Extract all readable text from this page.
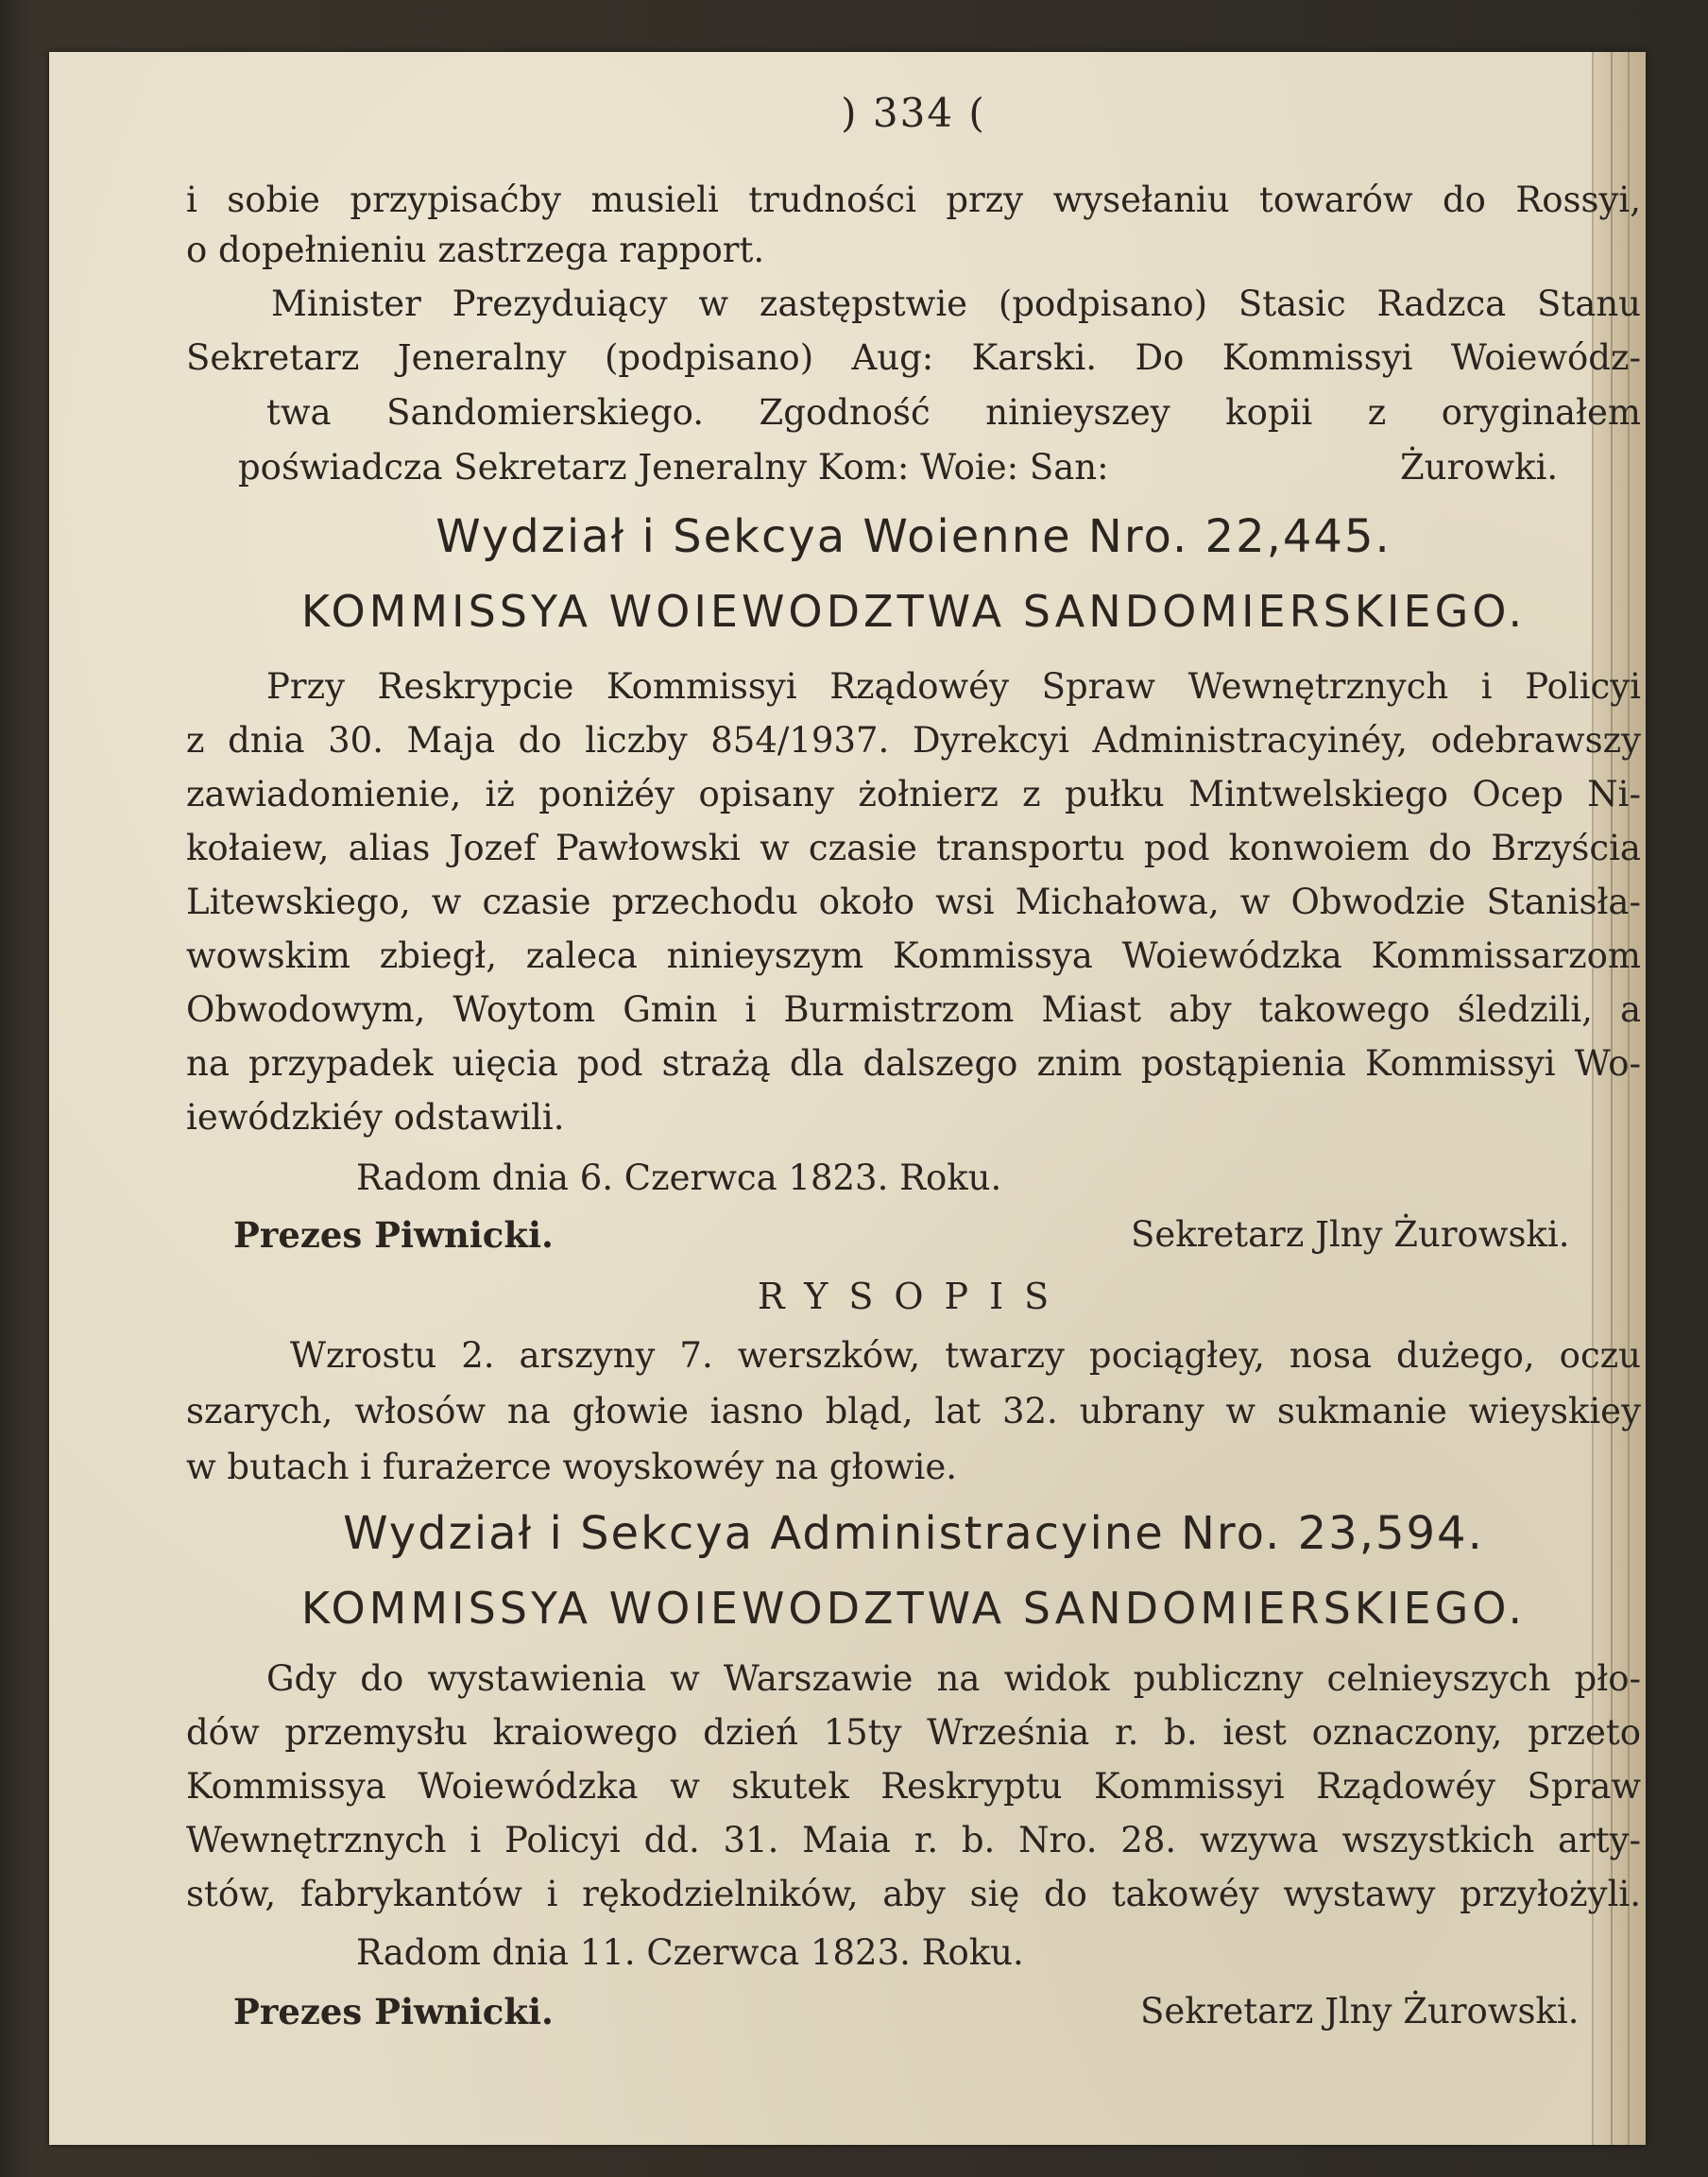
) 334 (
i sobie przypisaćby musieli trudności przy wysełaniu towarów do Rossyi,
o dopełnieniu zastrzega rapport.
Minister Prezyduiący w zastępstwie (podpisano) Stasic Radzca Stanu
Sekretarz Jeneralny (podpisano) Aug: Karski. Do Kommissyi Woiewódz-
twa Sandomierskiego. Zgodność ninieyszey kopii z oryginałem
poświadcza Sekretarz Jeneralny Kom: Woie: San:	Żurowki.
Wydział i Sekcya Woienne Nro. 22,445.
KOMMISSYA WOIEWODZTWA SANDOMIERSKIEGO.
Przy Reskrypcie Kommissyi Rządowéy Spraw Wewnętrznych i Policyi
z dnia 30. Maja do liczby 854/1937. Dyrekcyi Administracyinéy, odebrawszy
zawiadomienie, iż poniżéy opisany żołnierz z pułku Mintwelskiego Ocep Ni-
kołaiew, alias Jozef Pawłowski w czasie transportu pod konwoiem do Brzyścia
Litewskiego, w czasie przechodu około wsi Michałowa, w Obwodzie Stanisła-
wowskim zbiegł, zaleca ninieyszym Kommissya Woiewódzka Kommissarzom
Obwodowym, Woytom Gmin i Burmistrzom Miast aby takowego śledzili, a
na przypadek uięcia pod strażą dla dalszego znim postąpienia Kommissyi Wo-
iewódzkiéy odstawili.
Radom dnia 6. Czerwca 1823. Roku.
Prezes Piwnicki.	Sekretarz Jlny Żurowski.
RYSOPIS
Wzrostu 2. arszyny 7. werszków, twarzy pociągłey, nosa dużego, oczu
szarych, włosów na głowie iasno bląd, lat 32. ubrany w sukmanie wieyskiey
w butach i furażerce woyskowéy na głowie.
Wydział i Sekcya Administracyine Nro. 23,594.
KOMMISSYA WOIEWODZTWA SANDOMIERSKIEGO.
Gdy do wystawienia w Warszawie na widok publiczny celnieyszych pło-
dów przemysłu kraiowego dzień 15ty Września r. b. iest oznaczony, przeto
Kommissya Woiewódzka w skutek Reskryptu Kommissyi Rządowéy Spraw
Wewnętrznych i Policyi dd. 31. Maia r. b. Nro. 28. wzywa wszystkich arty-
stów, fabrykantów i rękodzielników, aby się do takowéy wystawy przyłożyli.
Radom dnia 11. Czerwca 1823. Roku.
Prezes Piwnicki.	Sekretarz Jlny Żurowski.
